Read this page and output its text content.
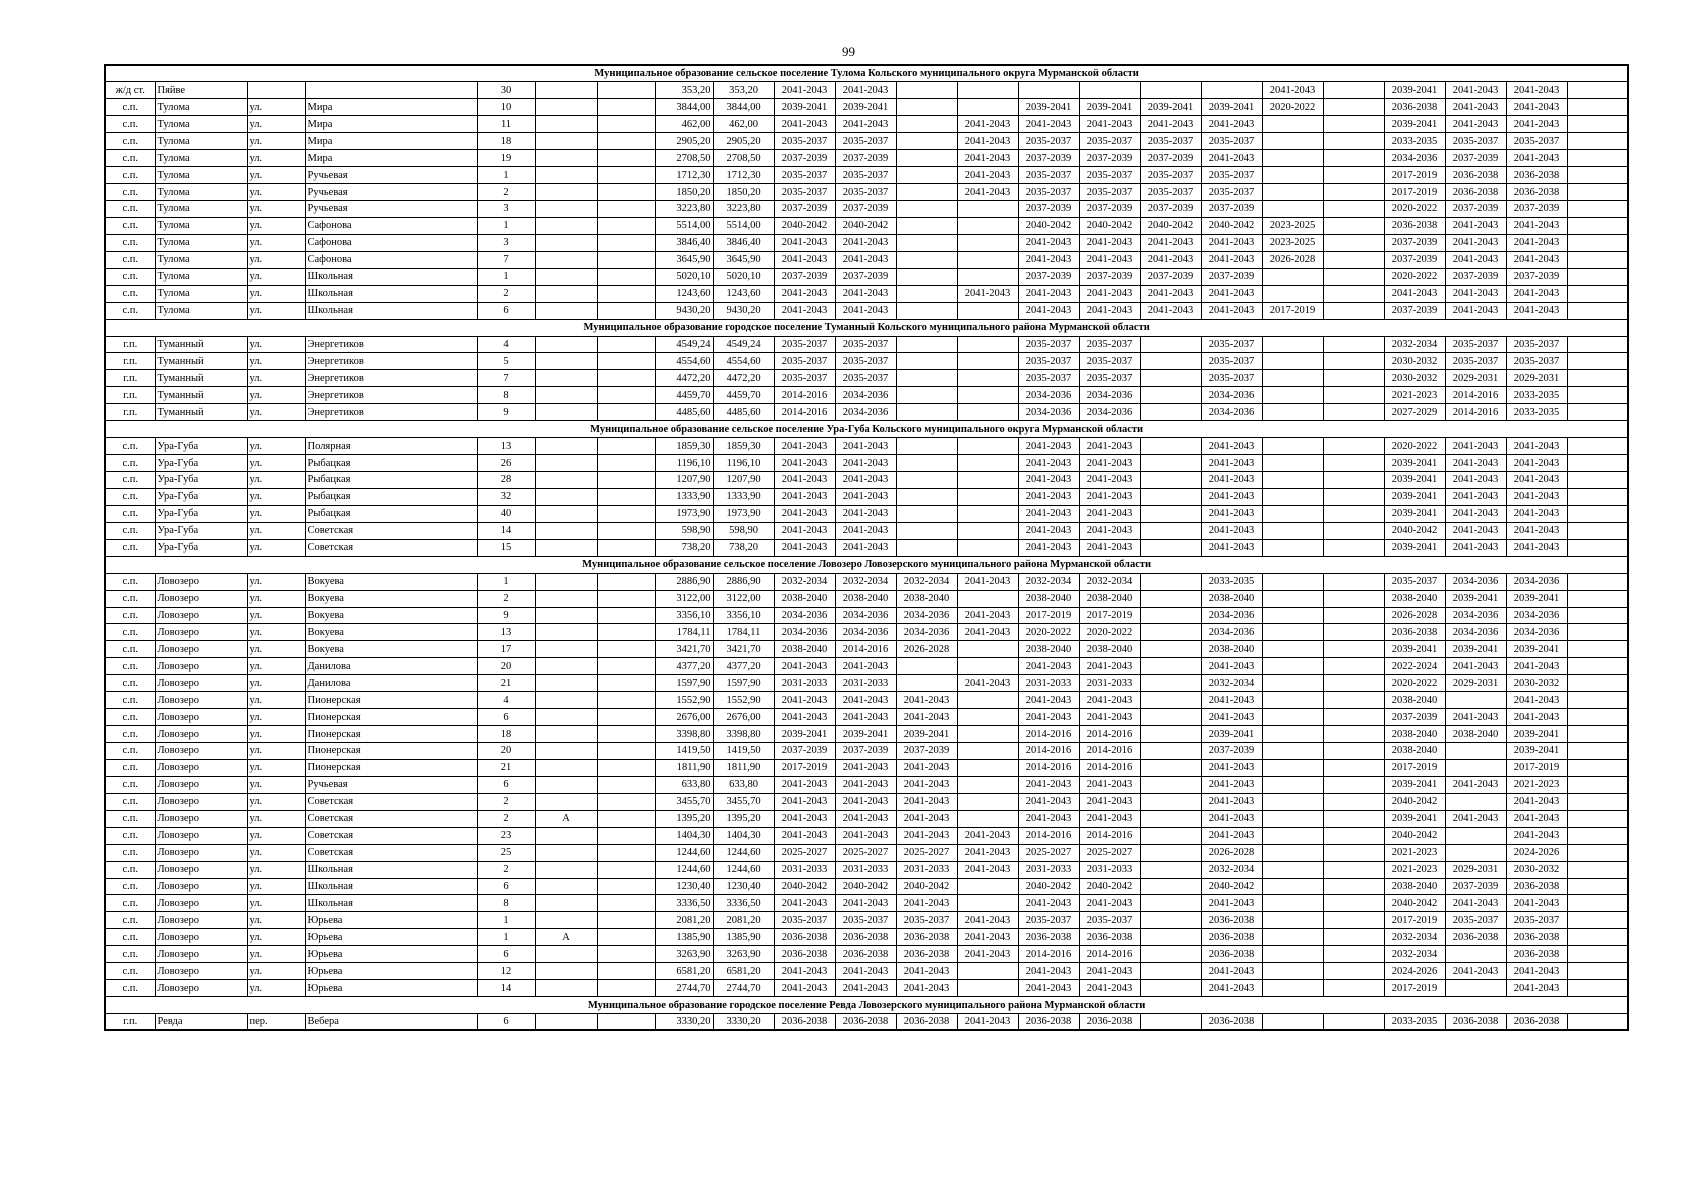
99
Муниципальное образование сельское поселение Тулома Кольского муниципального округа Мурманской области																						
ж/д ст.	Пяйве			30			353,20	353,20	2041-2043	2041-2043							2041-2043		2039-2041	2041-2043	2041-2043	
с.п.	Тулома	ул.	Мира	10			3844,00	3844,00	2039-2041	2039-2041			2039-2041	2039-2041	2039-2041	2039-2041	2020-2022		2036-2038	2041-2043	2041-2043	
с.п.	Тулома	ул.	Мира	11			462,00	462,00	2041-2043	2041-2043		2041-2043	2041-2043	2041-2043	2041-2043	2041-2043			2039-2041	2041-2043	2041-2043	
с.п.	Тулома	ул.	Мира	18			2905,20	2905,20	2035-2037	2035-2037		2041-2043	2035-2037	2035-2037	2035-2037	2035-2037			2033-2035	2035-2037	2035-2037	
с.п.	Тулома	ул.	Мира	19			2708,50	2708,50	2037-2039	2037-2039		2041-2043	2037-2039	2037-2039	2037-2039	2041-2043			2034-2036	2037-2039	2041-2043	
с.п.	Тулома	ул.	Ручьевая	1			1712,30	1712,30	2035-2037	2035-2037		2041-2043	2035-2037	2035-2037	2035-2037	2035-2037			2017-2019	2036-2038	2036-2038	
с.п.	Тулома	ул.	Ручьевая	2			1850,20	1850,20	2035-2037	2035-2037		2041-2043	2035-2037	2035-2037	2035-2037	2035-2037			2017-2019	2036-2038	2036-2038	
с.п.	Тулома	ул.	Ручьевая	3			3223,80	3223,80	2037-2039	2037-2039			2037-2039	2037-2039	2037-2039	2037-2039			2020-2022	2037-2039	2037-2039	
с.п.	Тулома	ул.	Сафонова	1			5514,00	5514,00	2040-2042	2040-2042			2040-2042	2040-2042	2040-2042	2040-2042	2023-2025		2036-2038	2041-2043	2041-2043	
с.п.	Тулома	ул.	Сафонова	3			3846,40	3846,40	2041-2043	2041-2043			2041-2043	2041-2043	2041-2043	2041-2043	2023-2025		2037-2039	2041-2043	2041-2043	
с.п.	Тулома	ул.	Сафонова	7			3645,90	3645,90	2041-2043	2041-2043			2041-2043	2041-2043	2041-2043	2041-2043	2026-2028		2037-2039	2041-2043	2041-2043	
с.п.	Тулома	ул.	Школьная	1			5020,10	5020,10	2037-2039	2037-2039			2037-2039	2037-2039	2037-2039	2037-2039			2020-2022	2037-2039	2037-2039	
с.п.	Тулома	ул.	Школьная	2			1243,60	1243,60	2041-2043	2041-2043		2041-2043	2041-2043	2041-2043	2041-2043	2041-2043			2041-2043	2041-2043	2041-2043	
с.п.	Тулома	ул.	Школьная	6			9430,20	9430,20	2041-2043	2041-2043			2041-2043	2041-2043	2041-2043	2041-2043	2017-2019		2037-2039	2041-2043	2041-2043	
Муниципальное образование городское поселение Туманный Кольского муниципального района Мурманской области																						
г.п.	Туманный	ул.	Энергетиков	4			4549,24	4549,24	2035-2037	2035-2037			2035-2037	2035-2037		2035-2037			2032-2034	2035-2037	2035-2037	
г.п.	Туманный	ул.	Энергетиков	5			4554,60	4554,60	2035-2037	2035-2037			2035-2037	2035-2037		2035-2037			2030-2032	2035-2037	2035-2037	
г.п.	Туманный	ул.	Энергетиков	7			4472,20	4472,20	2035-2037	2035-2037			2035-2037	2035-2037		2035-2037			2030-2032	2029-2031	2029-2031	
г.п.	Туманный	ул.	Энергетиков	8			4459,70	4459,70	2014-2016	2034-2036			2034-2036	2034-2036		2034-2036			2021-2023	2014-2016	2033-2035	
г.п.	Туманный	ул.	Энергетиков	9			4485,60	4485,60	2014-2016	2034-2036			2034-2036	2034-2036		2034-2036			2027-2029	2014-2016	2033-2035	
Муниципальное образование сельское поселение Ура-Губа Кольского муниципального округа Мурманской области																						
с.п.	Ура-Губа	ул.	Полярная	13			1859,30	1859,30	2041-2043	2041-2043			2041-2043	2041-2043		2041-2043			2020-2022	2041-2043	2041-2043	
с.п.	Ура-Губа	ул.	Рыбацкая	26			1196,10	1196,10	2041-2043	2041-2043			2041-2043	2041-2043		2041-2043			2039-2041	2041-2043	2041-2043	
с.п.	Ура-Губа	ул.	Рыбацкая	28			1207,90	1207,90	2041-2043	2041-2043			2041-2043	2041-2043		2041-2043			2039-2041	2041-2043	2041-2043	
с.п.	Ура-Губа	ул.	Рыбацкая	32			1333,90	1333,90	2041-2043	2041-2043			2041-2043	2041-2043		2041-2043			2039-2041	2041-2043	2041-2043	
с.п.	Ура-Губа	ул.	Рыбацкая	40			1973,90	1973,90	2041-2043	2041-2043			2041-2043	2041-2043		2041-2043			2039-2041	2041-2043	2041-2043	
с.п.	Ура-Губа	ул.	Советская	14			598,90	598,90	2041-2043	2041-2043			2041-2043	2041-2043		2041-2043			2040-2042	2041-2043	2041-2043	
с.п.	Ура-Губа	ул.	Советская	15			738,20	738,20	2041-2043	2041-2043			2041-2043	2041-2043		2041-2043			2039-2041	2041-2043	2041-2043	
Муниципальное образование сельское поселение Ловозеро Ловозерского муниципального района Мурманской области																						
с.п.	Ловозеро	ул.	Вокуева	1			2886,90	2886,90	2032-2034	2032-2034	2032-2034	2041-2043	2032-2034	2032-2034		2033-2035			2035-2037	2034-2036	2034-2036	
с.п.	Ловозеро	ул.	Вокуева	2			3122,00	3122,00	2038-2040	2038-2040	2038-2040		2038-2040	2038-2040		2038-2040			2038-2040	2039-2041	2039-2041	
с.п.	Ловозеро	ул.	Вокуева	9			3356,10	3356,10	2034-2036	2034-2036	2034-2036	2041-2043	2017-2019	2017-2019		2034-2036			2026-2028	2034-2036	2034-2036	
с.п.	Ловозеро	ул.	Вокуева	13			1784,11	1784,11	2034-2036	2034-2036	2034-2036	2041-2043	2020-2022	2020-2022		2034-2036			2036-2038	2034-2036	2034-2036	
с.п.	Ловозеро	ул.	Вокуева	17			3421,70	3421,70	2038-2040	2014-2016	2026-2028		2038-2040	2038-2040		2038-2040			2039-2041	2039-2041	2039-2041	
с.п.	Ловозеро	ул.	Данилова	20			4377,20	4377,20	2041-2043	2041-2043			2041-2043	2041-2043		2041-2043			2022-2024	2041-2043	2041-2043	
с.п.	Ловозеро	ул.	Данилова	21			1597,90	1597,90	2031-2033	2031-2033		2041-2043	2031-2033	2031-2033		2032-2034			2020-2022	2029-2031	2030-2032	
с.п.	Ловозеро	ул.	Пионерская	4			1552,90	1552,90	2041-2043	2041-2043	2041-2043		2041-2043	2041-2043		2041-2043			2038-2040		2041-2043	
с.п.	Ловозеро	ул.	Пионерская	6			2676,00	2676,00	2041-2043	2041-2043	2041-2043		2041-2043	2041-2043		2041-2043			2037-2039	2041-2043	2041-2043	
с.п.	Ловозеро	ул.	Пионерская	18			3398,80	3398,80	2039-2041	2039-2041	2039-2041		2014-2016	2014-2016		2039-2041			2038-2040	2038-2040	2039-2041	
с.п.	Ловозеро	ул.	Пионерская	20			1419,50	1419,50	2037-2039	2037-2039	2037-2039		2014-2016	2014-2016		2037-2039			2038-2040		2039-2041	
с.п.	Ловозеро	ул.	Пионерская	21			1811,90	1811,90	2017-2019	2041-2043	2041-2043		2014-2016	2014-2016		2041-2043			2017-2019		2017-2019	
с.п.	Ловозеро	ул.	Ручьевая	6			633,80	633,80	2041-2043	2041-2043	2041-2043		2041-2043	2041-2043		2041-2043			2039-2041	2041-2043	2021-2023	
с.п.	Ловозеро	ул.	Советская	2			3455,70	3455,70	2041-2043	2041-2043	2041-2043		2041-2043	2041-2043		2041-2043			2040-2042		2041-2043	
с.п.	Ловозеро	ул.	Советская	2	А		1395,20	1395,20	2041-2043	2041-2043	2041-2043		2041-2043	2041-2043		2041-2043			2039-2041	2041-2043	2041-2043	
с.п.	Ловозеро	ул.	Советская	23			1404,30	1404,30	2041-2043	2041-2043	2041-2043	2041-2043	2014-2016	2014-2016		2041-2043			2040-2042		2041-2043	
с.п.	Ловозеро	ул.	Советская	25			1244,60	1244,60	2025-2027	2025-2027	2025-2027	2041-2043	2025-2027	2025-2027		2026-2028			2021-2023		2024-2026	
с.п.	Ловозеро	ул.	Школьная	2			1244,60	1244,60	2031-2033	2031-2033	2031-2033	2041-2043	2031-2033	2031-2033		2032-2034			2021-2023	2029-2031	2030-2032	
с.п.	Ловозеро	ул.	Школьная	6			1230,40	1230,40	2040-2042	2040-2042	2040-2042		2040-2042	2040-2042		2040-2042			2038-2040	2037-2039	2036-2038	
с.п.	Ловозеро	ул.	Школьная	8			3336,50	3336,50	2041-2043	2041-2043	2041-2043		2041-2043	2041-2043		2041-2043			2040-2042	2041-2043	2041-2043	
с.п.	Ловозеро	ул.	Юрьева	1			2081,20	2081,20	2035-2037	2035-2037	2035-2037	2041-2043	2035-2037	2035-2037		2036-2038			2017-2019	2035-2037	2035-2037	
с.п.	Ловозеро	ул.	Юрьева	1	А		1385,90	1385,90	2036-2038	2036-2038	2036-2038	2041-2043	2036-2038	2036-2038		2036-2038			2032-2034	2036-2038	2036-2038	
с.п.	Ловозеро	ул.	Юрьева	6			3263,90	3263,90	2036-2038	2036-2038	2036-2038	2041-2043	2014-2016	2014-2016		2036-2038			2032-2034		2036-2038	
с.п.	Ловозеро	ул.	Юрьева	12			6581,20	6581,20	2041-2043	2041-2043	2041-2043		2041-2043	2041-2043		2041-2043			2024-2026	2041-2043	2041-2043	
с.п.	Ловозеро	ул.	Юрьева	14			2744,70	2744,70	2041-2043	2041-2043	2041-2043		2041-2043	2041-2043		2041-2043			2017-2019		2041-2043	
Муниципальное образование городское поселение Ревда Ловозерского муниципального района Мурманской области																						
г.п.	Ревда	пер.	Вебера	6			3330,20	3330,20	2036-2038	2036-2038	2036-2038	2041-2043	2036-2038	2036-2038		2036-2038			2033-2035	2036-2038	2036-2038	
